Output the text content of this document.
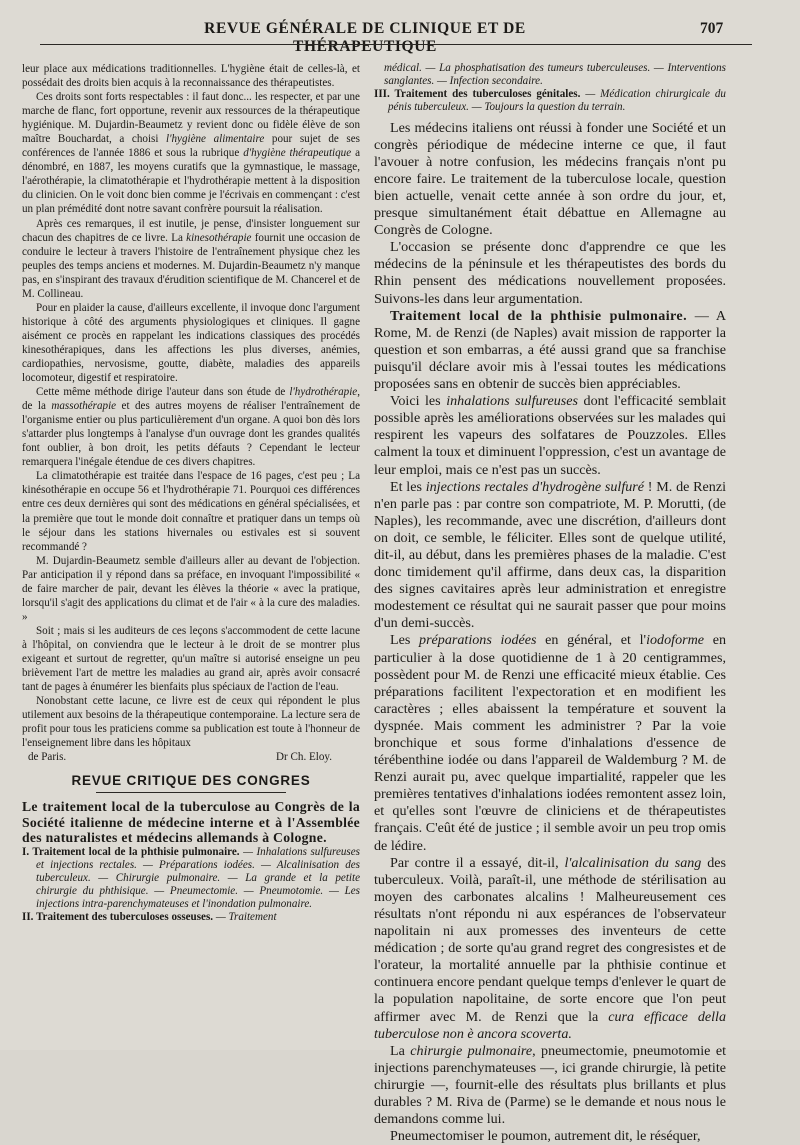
REVUE GÉNÉRALE DE CLINIQUE ET DE THÉRAPEUTIQUE
707

leur place aux médications traditionnelles. L'hygiène était de celles-là, et possédait des droits bien acquis à la reconnaissance des thérapeutistes.

Ces droits sont forts respectables : il faut donc... les respecter, et par une marche de flanc, fort opportune, revenir aux ressources de la thérapeutique hygiénique. M. Dujardin-Beaumetz y revient donc ou fidèle élève de son maître Bouchardat, a choisi l'hygiène alimentaire pour sujet de ses conférences de l'année 1886 et sous la rubrique d'hygiène thérapeutique a dénombré, en 1887, les moyens curatifs que la gymnastique, le massage, l'aérothérapie, la climatothérapie et l'hydrothérapie mettent à la disposition du clinicien. On le voit donc bien comme je l'écrivais en commençant : c'est un plan prémédité dont notre savant confrère poursuit la réalisation.

Après ces remarques, il est inutile, je pense, d'insister longuement sur chacun des chapitres de ce livre. La kinesothérapie fournit une occasion de conduire le lecteur à travers l'histoire de l'entraînement physique chez les peuples des temps anciens et modernes. M. Dujardin-Beaumetz n'y manque pas, en s'inspirant des travaux d'érudition scientifique de M. Chancerel et de M. Collineau.

Pour en plaider la cause, d'ailleurs excellente, il invoque donc l'argument historique à côté des arguments physiologiques et cliniques. Il gagne aisément ce procès en rappelant les indications classiques des procédés kinesothérapiques, dans les affections les plus diverses, anémies, cardiopathies, nervosisme, goutte, diabète, maladies des appareils locomoteur, digestif et respiratoire.

Cette même méthode dirige l'auteur dans son étude de l'hydrothérapie, de la massothérapie et des autres moyens de réaliser l'entraînement de l'organisme entier ou plus particulièrement d'un organe. A quoi bon dès lors s'attarder plus longtemps à l'analyse d'un ouvrage dont les grandes qualités font oublier, à bon droit, les petits défauts ? Cependant le lecteur remarquera l'inégale étendue de ces divers chapitres.

La climatothérapie est traitée dans l'espace de 16 pages, c'est peu ; La kinésothérapie en occupe 56 et l'hydrothérapie 71. Pourquoi ces différences entre ces deux dernières qui sont des médications en général spécialisées, et la première que tout le monde doit connaître et pratiquer dans un temps où le séjour dans les stations hivernales ou estivales est si souvent recommandé ?

M. Dujardin-Beaumetz semble d'ailleurs aller au devant de l'objection. Par anticipation il y répond dans sa préface, en invoquant l'impossibilité « de faire marcher de pair, devant les élèves la théorie « avec la pratique, lorsqu'il s'agit des applications du climat et de l'air « à la cure des maladies. »

Soit ; mais si les auditeurs de ces leçons s'accommodent de cette lacune à l'hôpital, on conviendra que le lecteur à le droit de se montrer plus exigeant et surtout de regretter, qu'un maître si autorisé enseigne un peu brièvement l'art de mettre les maladies au grand air, après avoir consacré tant de pages à énumérer les bienfaits plus spéciaux de l'action de l'eau.

Nonobstant cette lacune, ce livre est de ceux qui répondent le plus utilement aux besoins de la thérapeutique contemporaine. La lecture sera de profit pour tous les praticiens comme sa publication est toute à l'honneur de l'enseignement libre dans les hôpitaux

de Paris.	Dr Ch. Eloy.

REVUE CRITIQUE DES CONGRES

Le traitement local de la tuberculose au Congrès de la Société italienne de médecine interne et à l'Assemblée des naturalistes et médecins allemands à Cologne.

I. Traitement local de la phthisie pulmonaire. — Inhalations sulfureuses et injections rectales. — Préparations iodées. — Alcalinisation des tuberculeux. — Chirurgie pulmonaire. — La grande et la petite chirurgie du phthisique. — Pneumectomie. — Pneumotomie. — Les injections intra-parenchymateuses et l'inondation pulmonaire.

II. Traitement des tuberculoses osseuses. — Traitement

médical. — La phosphatisation des tumeurs tuberculeuses. — Interventions sanglantes. — Infection secondaire.

III. Traitement des tuberculoses génitales. — Médication chirurgicale du pénis tuberculeux. — Toujours la question du terrain.

Les médecins italiens ont réussi à fonder une Société et un congrès périodique de médecine interne ce que, il faut l'avouer à notre confusion, les médecins français n'ont pu encore faire. Le traitement de la tuberculose locale, question bien actuelle, venait cette année à son ordre du jour, et, presque simultanément était débattue en Allemagne au Congrès de Cologne.

L'occasion se présente donc d'apprendre ce que les médecins de la péninsule et les thérapeutistes des bords du Rhin pensent des médications nouvellement proposées. Suivons-les dans leur argumentation.

Traitement local de la phthisie pulmonaire. — A Rome, M. de Renzi (de Naples) avait mission de rapporter la question et son embarras, a été aussi grand que sa franchise puisqu'il déclare avoir mis à l'essai toutes les médications proposées sans en obtenir de succès bien appréciables.

Voici les inhalations sulfureuses dont l'efficacité semblait possible après les améliorations observées sur les malades qui respirent les vapeurs des solfatares de Pouzzoles. Elles calment la toux et diminuent l'oppression, c'est un avantage de leur emploi, mais ce n'est pas un succès.

Et les injections rectales d'hydrogène sulfuré ! M. de Renzi n'en parle pas : par contre son compatriote, M. P. Morutti, (de Naples), les recommande, avec une discrétion, d'ailleurs dont on doit, ce semble, le féliciter. Elles sont de quelque utilité, dit-il, au début, dans les premières phases de la maladie. C'est donc timidement qu'il affirme, dans deux cas, la disparition des signes cavitaires après leur administration et enregistre modestement ce résultat qui ne saurait passer que pour moins d'un demi-succès.

Les préparations iodées en général, et l'iodoforme en particulier à la dose quotidienne de 1 à 20 centigrammes, possèdent pour M. de Renzi une efficacité mieux établie. Ces préparations facilitent l'expectoration et en modifient les caractères ; elles abaissent la température et souvent la dyspnée. Mais comment les administrer ? Par la voie bronchique et sous forme d'inhalations d'essence de térébenthine iodée ou dans l'appareil de Waldemburg ? M. de Renzi aurait pu, avec quelque impartialité, rappeler que les premières tentatives d'inhalations iodées remontent assez loin, et qu'elles sont l'œuvre de cliniciens et de thérapeutistes français. C'eût été de justice ; il semble avoir un peu trop omis de lédire.

Par contre il a essayé, dit-il, l'alcalinisation du sang des tuberculeux. Voilà, paraît-il, une méthode de stérilisation au moyen des carbonates alcalins ! Malheureusement ces résultats n'ont répondu ni aux espérances de l'observateur napolitain ni aux promesses des inventeurs de cette médication ; de sorte qu'au grand regret des congresistes et de l'orateur, la mortalité annuelle par la phthisie continue et continuera encore pendant quelque temps d'enlever le quart de la population napolitaine, de sorte encore que l'on peut affirmer avec M. de Renzi que la cura efficace della tuberculose non è ancora scoverta.

La chirurgie pulmonaire, pneumectomie, pneumotomie et injections parenchymateuses —, ici grande chirurgie, là petite chirurgie —, fournit-elle des résultats plus brillants et plus durables ? M. Riva de (Parme) se le demande et nous nous le demandons comme lui.

Pneumectomiser le poumon, autrement dit, le réséquer,
